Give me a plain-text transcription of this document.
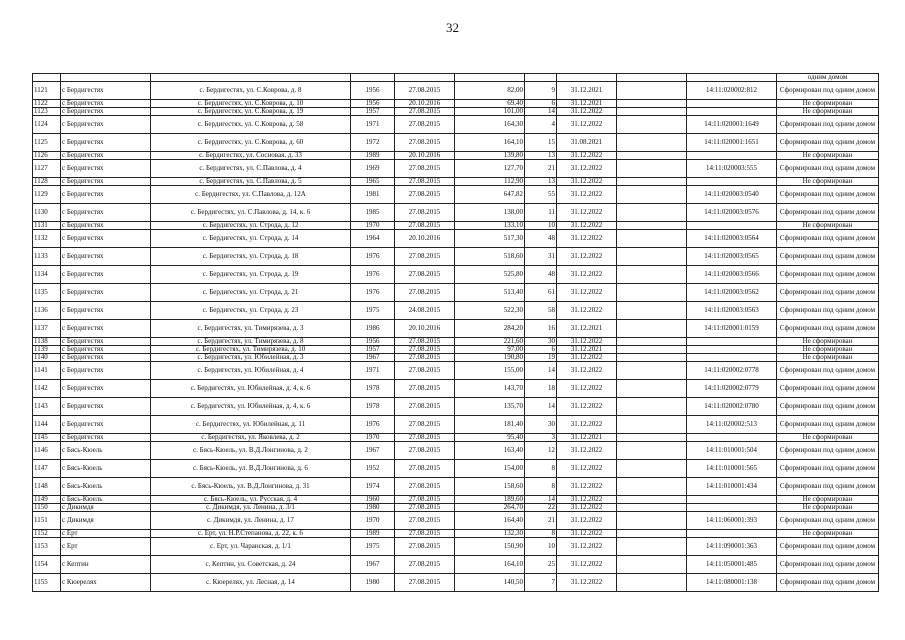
32
										одним домом
1121	с Бердигестях	с. Бердигестях, ул. С.Коврова, д. 8	1956	27.08.2015	82,00	9	31.12.2021		14:11:020002:812	Сформирован под одним домом
1122	с Бердигестях	с. Бердигестях, ул. С.Коврова, д. 10	1956	20.10.2016	69,40	6	31.12.2021			Не сформирован
1123	с Бердигестях	с. Бердигестях, ул. С.Коврова, д. 19	1957	27.08.2015	101,00	14	31.12.2022			Не сформирован
1124	с Бердигестях	с. Бердигестях, ул. С.Коврова, д. 58	1971	27.08.2015	164,30	4	31.12.2022		14:11:020001:1649	Сформирован под одним домом
1125	с Бердигестях	с. Бердигестях, ул. С.Коврова, д. 60	1972	27.08.2015	164,10	15	31.08.2021		14:11:020001:1651	Сформирован под одним домом
1126	с Бердигестях	с. Бердигестях, ул. Сосновая, д. 33	1989	20.10.2016	139,80	13	31.12.2022			Не сформирован
1127	с Бердигестях	с. Бердигестях, ул. С.Павлова, д. 4	1969	27.08.2015	127,70	21	31.12.2022		14:11:020003:555	Сформирован под одним домом
1128	с Бердигестях	с. Бердигестях, ул. С.Павлова, д. 5	1965	27.08.2015	112,90	13	31.12.2022			Не сформирован
1129	с Бердигестях	с. Бердигестях, ул. С.Павлова, д. 12А	1981	27.08.2015	647,82	55	31.12.2022		14:11:020003:0540	Сформирован под одним домом
1130	с Бердигестях	с. Бердигестях, ул. С.Павлова, д. 14, к. 6	1985	27.08.2015	138,00	11	31.12.2022		14:11:020003:0576	Сформирован под одним домом
1131	с Бердигестях	с. Бердигестях, ул. Строда, д. 12	1970	27.08.2015	133,10	10	31.12.2022			Не сформирован
1132	с Бердигестях	с. Бердигестях, ул. Строда, д. 14	1964	20.10.2016	517,30	48	31.12.2022		14:11:020003:0564	Сформирован под одним домом
1133	с Бердигестях	с. Бердигестях, ул. Строда, д. 18	1976	27.08.2015	518,60	31	31.12.2022		14:11:020003:0565	Сформирован под одним домом
1134	с Бердигестях	с. Бердигестях, ул. Строда, д. 19	1976	27.08.2015	525,80	48	31.12.2022		14:11:020003:0566	Сформирован под одним домом
1135	с Бердигестях	с. Бердигестях, ул. Строда, д. 21	1976	27.08.2015	513,40	61	31.12.2022		14:11:020003:0562	Сформирован под одним домом
1136	с Бердигестях	с. Бердигестях, ул. Строда, д. 23	1975	24.08.2015	522,30	58	31.12.2022		14:11:020003:0563	Сформирован под одним домом
1137	с Бердигестях	с. Бердигестях, ул. Тимирязева, д. 3	1986	20.10.2016	284,20	16	31.12.2021		14:11:020001:0159	Сформирован под одним домом
1138	с Бердигестях	с. Бердигестях, ул. Тимирязева, д. 8	1956	27.08.2015	221,60	30	31.12.2022			Не сформирован
1139	с Бердигестях	с. Бердигестях, ул. Тимирязева, д. 10	1957	27.08.2015	97,00	6	31.12.2021			Не сформирован
1140	с Бердигестях	с. Бердигестях, ул. Юбилейная, д. 3	1967	27.08.2015	190,80	19	31.12.2022			Не сформирован
1141	с Бердигестях	с. Бердигестях, ул. Юбилейная, д. 4	1971	27.08.2015	155,00	14	31.12.2022		14:11:020002:0778	Сформирован под одним домом
1142	с Бердигестях	с. Бердигестях, ул. Юбилейная, д. 4, к. 6	1978	27.08.2015	143,70	18	31.12.2022		14:11:020002:0779	Сформирован под одним домом
1143	с Бердигестях	с. Бердигестях, ул. Юбилейная, д. 4, к. 6	1978	27.08.2015	135,70	14	31.12.2022		14:11:020002:0780	Сформирован под одним домом
1144	с Бердигестях	с. Бердигестях, ул. Юбилейная, д. 11	1976	27.08.2015	181,40	30	31.12.2022		14:11:020002:513	Сформирован под одним домом
1145	с Бердигестях	с. Бердигестях, ул. Яковлева, д. 2	1970	27.08.2015	95,40	3	31.12.2021			Не сформирован
1146	с Бясь-Кюель	с. Бясь-Кюель, ул. В.Д.Лонгинова, д. 2	1967	27.08.2015	163,40	12	31.12.2022		14:11:010001:504	Сформирован под одним домом
1147	с Бясь-Кюель	с. Бясь-Кюель, ул. В.Д.Лонгинова, д. 6	1952	27.08.2015	154,00	8	31.12.2022		14:11:010001:565	Сформирован под одним домом
1148	с Бясь-Кюель	с. Бясь-Кюель, ул. В.Д.Лонгинова, д. 31	1974	27.08.2015	158,60	8	31.12.2022		14:11:010001:434	Сформирован под одним домом
1149	с Бясь-Кюель	с. Бясь-Кюель, ул. Русская, д. 4	1960	27.08.2015	189,60	14	31.12.2022			Не сформирован
1150	с Дикимдя	с. Дикимдя, ул. Ленина, д. 3/1	1980	27.08.2015	264,70	22	31.12.2022			Не сформирован
1151	с Дикимдя	с. Дикимдя, ул. Ленина, д. 17	1970	27.08.2015	164,40	21	31.12.2022		14:11:060001:393	Сформирован под одним домом
1152	с Ерт	с. Ерт, ул. Н.Р.Степанова, д. 22, к. 6	1989	27.08.2015	132,30	8	31.12.2022			Не сформирован
1153	с Ерт	с. Ерт, ул. Чаранская, д. 1/1	1975	27.08.2015	150,90	10	31.12.2022		14:11:090001:363	Сформирован под одним домом
1154	с Кептин	с. Кептин, ул. Советская, д. 24	1967	27.08.2015	164,10	25	31.12.2022		14:11:050001:485	Сформирован под одним домом
1155	с Кюерелях	с. Кюерелях, ул. Лесная, д. 14	1980	27.08.2015	140,50	7	31.12.2022		14:11:080001:138	Сформирован под одним домом
